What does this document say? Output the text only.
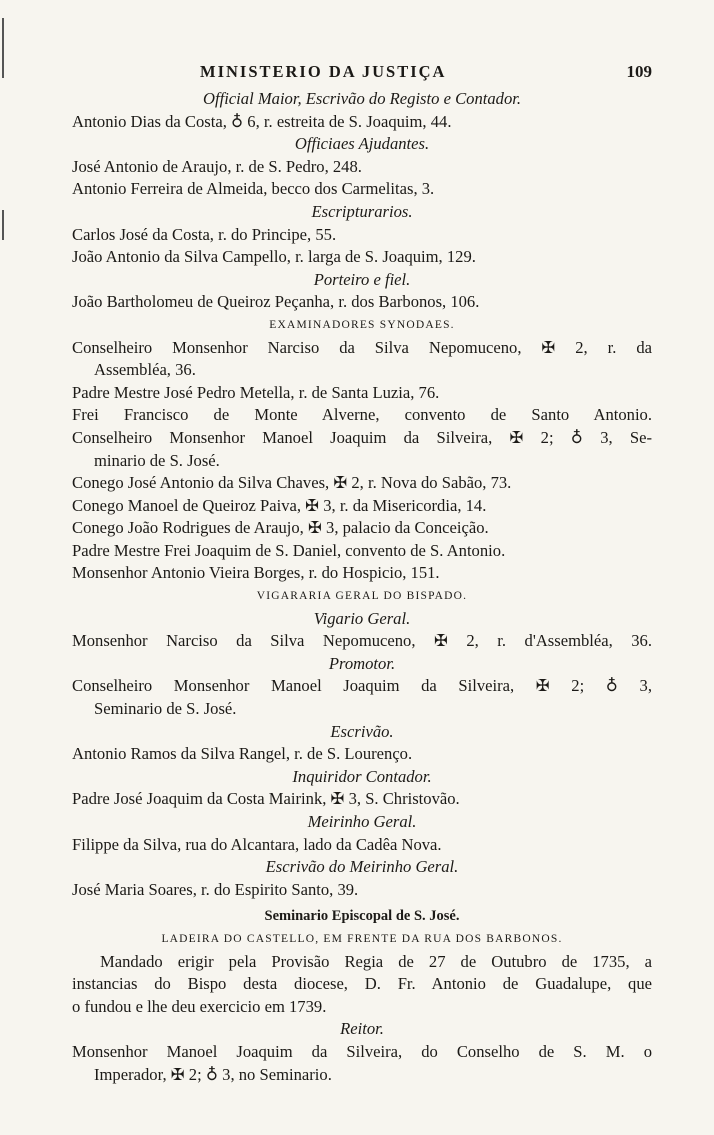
MINISTERIO DA JUSTIÇA	109
Official Maior, Escrivão do Registo e Contador.
Antonio Dias da Costa, ♁ 6, r. estreita de S. Joaquim, 44.
Officiaes Ajudantes.
José Antonio de Araujo, r. de S. Pedro, 248.
Antonio Ferreira de Almeida, becco dos Carmelitas, 3.
Escripturarios.
Carlos José da Costa, r. do Principe, 55.
João Antonio da Silva Campello, r. larga de S. Joaquim, 129.
Porteiro e fiel.
João Bartholomeu de Queiroz Peçanha, r. dos Barbonos, 106.
EXAMINADORES SYNODAES.
Conselheiro Monsenhor Narciso da Silva Nepomuceno, ✠ 2, r. da
Assembléa, 36.
Padre Mestre José Pedro Metella, r. de Santa Luzia, 76.
Frei Francisco de Monte Alverne, convento de Santo Antonio.
Conselheiro Monsenhor Manoel Joaquim da Silveira, ✠ 2; ♁ 3, Se-
minario de S. José.
Conego José Antonio da Silva Chaves, ✠ 2, r. Nova do Sabão, 73.
Conego Manoel de Queiroz Paiva, ✠ 3, r. da Misericordia, 14.
Conego João Rodrigues de Araujo, ✠ 3, palacio da Conceição.
Padre Mestre Frei Joaquim de S. Daniel, convento de S. Antonio.
Monsenhor Antonio Vieira Borges, r. do Hospicio, 151.
VIGARARIA GERAL DO BISPADO.
Vigario Geral.
Monsenhor Narciso da Silva Nepomuceno, ✠ 2, r. d'Assembléa, 36.
Promotor.
Conselheiro Monsenhor Manoel Joaquim da Silveira, ✠ 2; ♁ 3,
Seminario de S. José.
Escrivão.
Antonio Ramos da Silva Rangel, r. de S. Lourenço.
Inquiridor Contador.
Padre José Joaquim da Costa Mairink, ✠ 3, S. Christovão.
Meirinho Geral.
Filippe da Silva, rua do Alcantara, lado da Cadêa Nova.
Escrivão do Meirinho Geral.
José Maria Soares, r. do Espirito Santo, 39.
Seminario Episcopal de S. José.
LADEIRA DO CASTELLO, EM FRENTE DA RUA DOS BARBONOS.
Mandado erigir pela Provisão Regia de 27 de Outubro de 1735, a
instancias do Bispo desta diocese, D. Fr. Antonio de Guadalupe, que
o fundou e lhe deu exercicio em 1739.
Reitor.
Monsenhor Manoel Joaquim da Silveira, do Conselho de S. M. o
Imperador, ✠ 2; ♁ 3, no Seminario.
